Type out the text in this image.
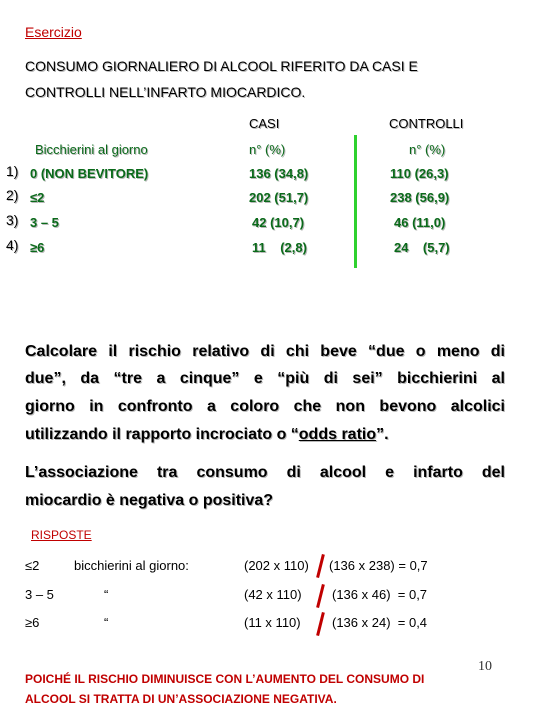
Esercizio
CONSUMO GIORNALIERO DI ALCOOL RIFERITO DA CASI E
CONTROLLI NELL’INFARTO MIOCARDICO.
CASI	CONTROLLI
Bicchierini al giorno	n° (%)	n° (%)
1) 0 (NON BEVITORE)	136 (34,8)	110 (26,3)
2) ≤2	202 (51,7)	238 (56,9)
3) 3 – 5	42 (10,7)	46 (11,0)
4) ≥6	11    (2,8)	24    (5,7)
Calcolare il rischio relativo di chi beve “due o meno di
due”, da “tre a cinque” e “più di sei” bicchierini al
giorno in confronto a coloro che non bevono alcolici
utilizzando il rapporto incrociato o “odds ratio”.
L’associazione tra consumo di alcool e infarto del
miocardio è negativa o positiva?
RISPOSTE
≤2	bicchierini al giorno:	(202 x 110) (136 x 238) = 0,7
3 – 5	“	(42 x 110) (136 x 46)  = 0,7
≥6	“	(11 x 110) (136 x 24)  = 0,4
10
POICHÉ IL RISCHIO DIMINUISCE CON L’AUMENTO DEL CONSUMO DI
ALCOOL SI TRATTA DI UN’ASSOCIAZIONE NEGATIVA.
